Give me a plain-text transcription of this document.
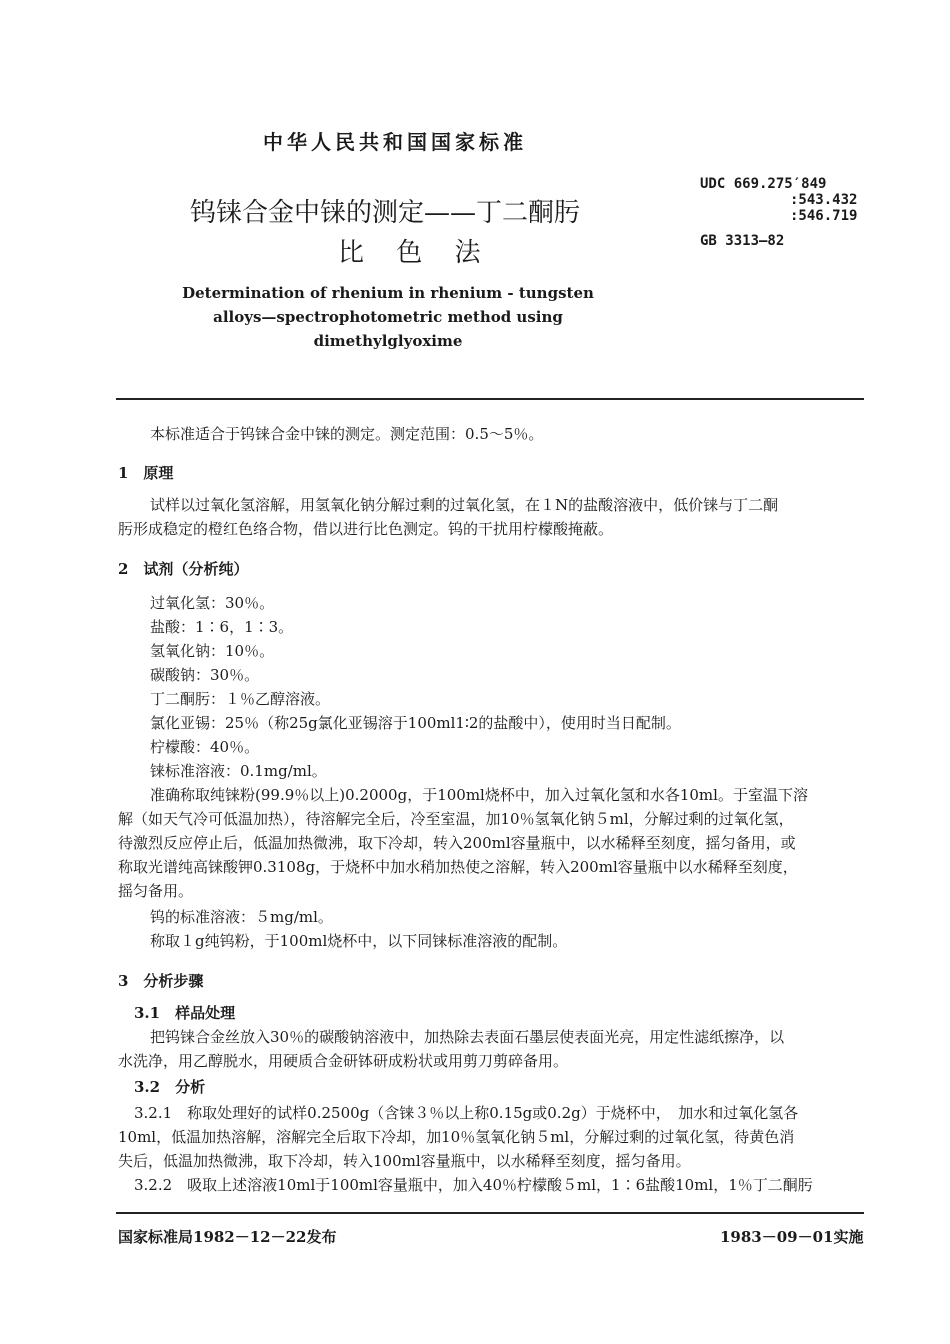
中华人民共和国国家标准
钨铼合金中铼的测定——丁二酮肟
比 色 法
UDC 669.275′849
:543.432
:546.719
GB 3313—82
Determination of rhenium in rhenium - tungsten
alloys—spectrophotometric method using
dimethylglyoxime
本标准适合于钨铼合金中铼的测定。测定范围：0.5～5％。
1　原理
试样以过氧化氢溶解，用氢氧化钠分解过剩的过氧化氢，在１N的盐酸溶液中，低价铼与丁二酮
肟形成稳定的橙红色络合物，借以进行比色测定。钨的干扰用柠檬酸掩蔽。
2　试剂（分析纯）
过氧化氢：30％。
盐酸：1∶6，1∶3。
氢氧化钠：10％。
碳酸钠：30％。
丁二酮肟：１％乙醇溶液。
氯化亚锡：25％（称25g氯化亚锡溶于100ml1∶2的盐酸中），使用时当日配制。
柠檬酸：40％。
铼标准溶液：0.1mg/ml。
准确称取纯铼粉(99.9％以上)0.2000g，于100ml烧杯中，加入过氧化氢和水各10ml。于室温下溶
解（如天气冷可低温加热），待溶解完全后，冷至室温，加10％氢氧化钠５ml，分解过剩的过氧化氢，
待激烈反应停止后，低温加热微沸，取下冷却，转入200ml容量瓶中，以水稀释至刻度，摇匀备用，或
称取光谱纯高铼酸钾0.3108g，于烧杯中加水稍加热使之溶解，转入200ml容量瓶中以水稀释至刻度，
摇匀备用。
钨的标准溶液：５mg/ml。
称取１g纯钨粉，于100ml烧杯中，以下同铼标准溶液的配制。
3　分析步骤
3.1　样品处理
把钨铼合金丝放入30％的碳酸钠溶液中，加热除去表面石墨层使表面光亮，用定性滤纸擦净，以
水洗净，用乙醇脱水，用硬质合金研钵研成粉状或用剪刀剪碎备用。
3.2　分析
3.2.1　称取处理好的试样0.2500g（含铼３％以上称0.15g或0.2g）于烧杯中，　加水和过氧化氢各
10ml，低温加热溶解，溶解完全后取下冷却，加10％氢氧化钠５ml，分解过剩的过氧化氢，待黄色消
失后，低温加热微沸，取下冷却，转入100ml容量瓶中，以水稀释至刻度，摇匀备用。
3.2.2　吸取上述溶液10ml于100ml容量瓶中，加入40％柠檬酸５ml，1∶6盐酸10ml，1％丁二酮肟
国家标准局1982－12－22发布	1983－09－01实施
